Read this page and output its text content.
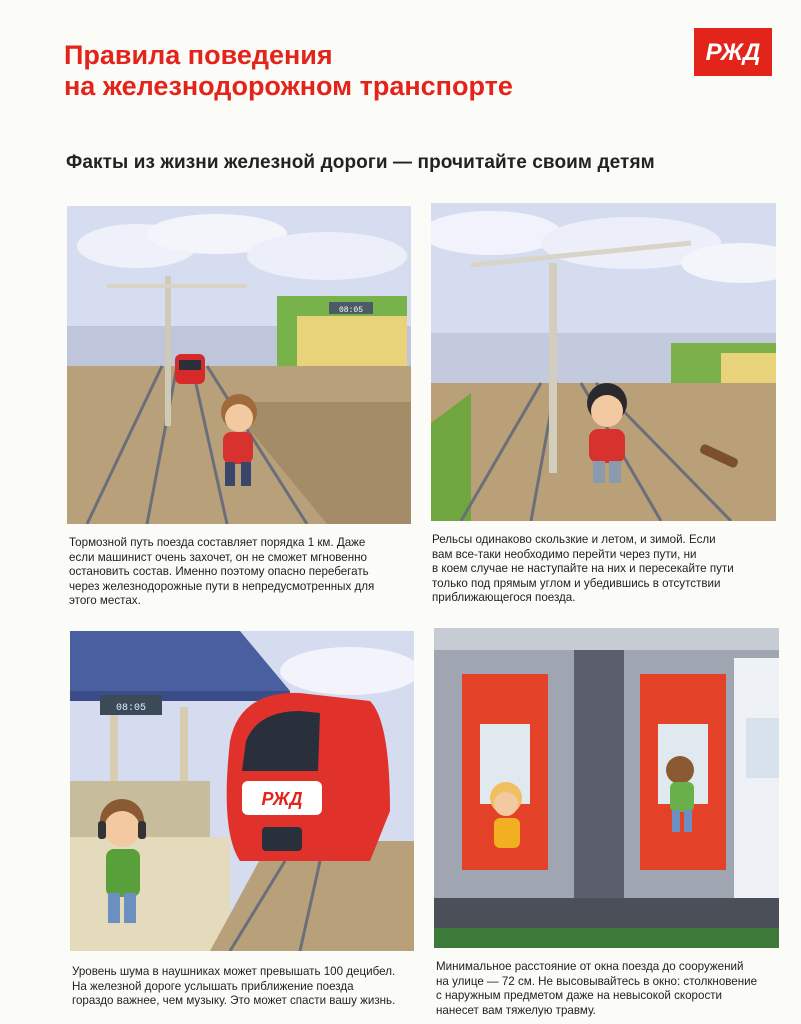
Правила поведения
на железнодорожном транспорте
РЖД
Факты из жизни железной дороги — прочитайте своим детям
08:05

Тормозной путь поезда составляет порядка 1 км. Даже
если машинист очень захочет, он не сможет мгновенно
остановить состав. Именно поэтому опасно перебегать
через железнодорожные пути в непредусмотренных для
этого местах.

Рельсы одинаково скользкие и летом, и зимой. Если
вам все-таки необходимо перейти через пути, ни
в коем случае не наступайте на них и пересекайте пути
только под прямым углом и убедившись в отсутствии
приближающегося поезда.

08:05
РЖД

Уровень шума в наушниках может превышать 100 децибел.
На железной дороге услышать приближение поезда
гораздо важнее, чем музыку. Это может спасти вашу жизнь.

Минимальное расстояние от окна поезда до сооружений
на улице — 72 см. Не высовывайтесь в окно: столкновение
с наружным предметом даже на невысокой скорости
нанесет вам тяжелую травму.
